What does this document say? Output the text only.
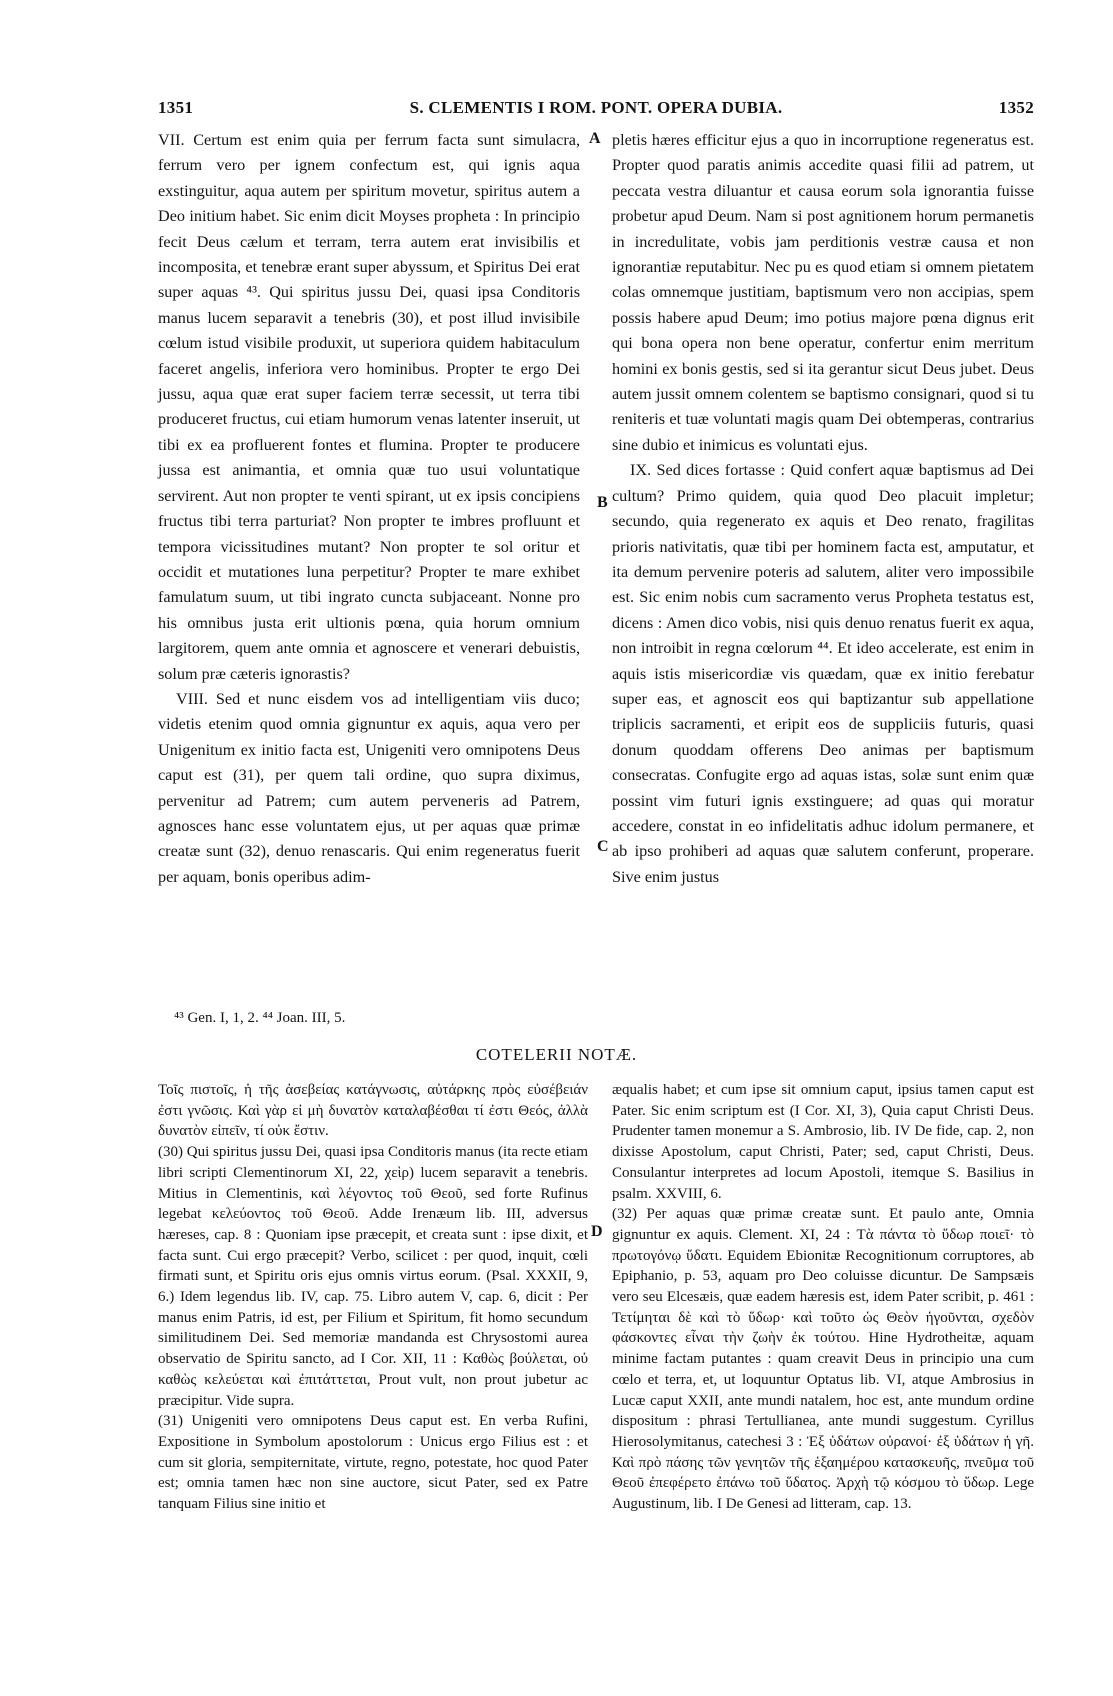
1351	S. CLEMENTIS I ROM. PONT. OPERA DUBIA.	1352

VII. Certum est enim quia per ferrum facta sunt simulacra, ferrum vero per ignem confectum est, qui ignis aqua exstinguitur, aqua autem per spiritum movetur, spiritus autem a Deo initium habet. Sic enim dicit Moyses propheta : In principio fecit Deus cælum et terram, terra autem erat invisibilis et incomposita, et tenebræ erant super abyssum, et Spiritus Dei erat super aquas ⁴³. Qui spiritus jussu Dei, quasi ipsa Conditoris manus lucem separavit a tenebris (30), et post illud invisibile cœlum istud visibile produxit, ut superiora quidem habitaculum faceret angelis, inferiora vero hominibus. Propter te ergo Dei jussu, aqua quæ erat super faciem terræ secessit, ut terra tibi produceret fructus, cui etiam humorum venas latenter inseruit, ut tibi ex ea profluerent fontes et flumina. Propter te producere jussa est animantia, et omnia quæ tuo usui voluntatique servirent. Aut non propter te venti spirant, ut ex ipsis concipiens fructus tibi terra parturiat? Non propter te imbres profluunt et tempora vicissitudines mutant? Non propter te sol oritur et occidit et mutationes luna perpetitur? Propter te mare exhibet famulatum suum, ut tibi ingrato cuncta subjaceant. Nonne pro his omnibus justa erit ultionis pœna, quia horum omnium largitorem, quem ante omnia et agnoscere et venerari debuistis, solum præ cæteris ignorastis?

VIII. Sed et nunc eisdem vos ad intelligentiam viis duco; videtis etenim quod omnia gignuntur ex aquis, aqua vero per Unigenitum ex initio facta est, Unigeniti vero omnipotens Deus caput est (31), per quem tali ordine, quo supra diximus, pervenitur ad Patrem; cum autem perveneris ad Patrem, agnosces hanc esse voluntatem ejus, ut per aquas quæ primæ creatæ sunt (32), denuo renascaris. Qui enim regeneratus fuerit per aquam, bonis operibus adim-

pletis hæres efficitur ejus a quo in incorruptione regeneratus est. Propter quod paratis animis accedite quasi filii ad patrem, ut peccata vestra diluantur et causa eorum sola ignorantia fuisse probetur apud Deum. Nam si post agnitionem horum permanetis in incredulitate, vobis jam perditionis vestræ causa et non ignorantiæ reputabitur. Nec pu es quod etiam si omnem pietatem colas omnemque justitiam, baptismum vero non accipias, spem possis habere apud Deum; imo potius majore pœna dignus erit qui bona opera non bene operatur, confertur enim merritum homini ex bonis gestis, sed si ita gerantur sicut Deus jubet. Deus autem jussit omnem colentem se baptismo consignari, quod si tu reniteris et tuæ voluntati magis quam Dei obtemperas, contrarius sine dubio et inimicus es voluntati ejus.

IX. Sed dices fortasse : Quid confert aquæ baptismus ad Dei cultum? Primo quidem, quia quod Deo placuit impletur; secundo, quia regenerato ex aquis et Deo renato, fragilitas prioris nativitatis, quæ tibi per hominem facta est, amputatur, et ita demum pervenire poteris ad salutem, aliter vero impossibile est. Sic enim nobis cum sacramento verus Propheta testatus est, dicens : Amen dico vobis, nisi quis denuo renatus fuerit ex aqua, non introibit in regna cœlorum ⁴⁴. Et ideo accelerate, est enim in aquis istis misericordiæ vis quædam, quæ ex initio ferebatur super eas, et agnoscit eos qui baptizantur sub appellatione triplicis sacramenti, et eripit eos de suppliciis futuris, quasi donum quoddam offerens Deo animas per baptismum consecratas. Confugite ergo ad aquas istas, solæ sunt enim quæ possint vim futuri ignis exstinguere; ad quas qui moratur accedere, constat in eo infidelitatis adhuc idolum permanere, et ab ipso prohiberi ad aquas quæ salutem conferunt, properare. Sive enim justus

A
B
C
D
⁴³ Gen. I, 1, 2. ⁴⁴ Joan. III, 5.
COTELERII NOTÆ.

Τοῖς πιστοῖς, ἡ τῆς ἀσεβείας κατάγνωσις, αὐτάρκης πρὸς εὐσέβειάν ἐστι γνῶσις. Καὶ γὰρ εἰ μὴ δυνατὸν καταλαβέσθαι τί ἐστι Θεός, ἀλλὰ δυνατὸν εἰπεῖν, τί οὐκ ἔστιν.

(30) Qui spiritus jussu Dei, quasi ipsa Conditoris manus (ita recte etiam libri scripti Clementinorum XI, 22, χεὶρ) lucem separavit a tenebris. Mitius in Clementinis, καὶ λέγοντος τοῦ Θεοῦ, sed forte Rufinus legebat κελεύοντος τοῦ Θεοῦ. Adde Irenæum lib. III, adversus hæreses, cap. 8 : Quoniam ipse præcepit, et creata sunt : ipse dixit, et facta sunt. Cui ergo præcepit? Verbo, scilicet : per quod, inquit, cœli firmati sunt, et Spiritu oris ejus omnis virtus eorum. (Psal. XXXII, 9, 6.) Idem legendus lib. IV, cap. 75. Libro autem V, cap. 6, dicit : Per manus enim Patris, id est, per Filium et Spiritum, fit homo secundum similitudinem Dei. Sed memoriæ mandanda est Chrysostomi aurea observatio de Spiritu sancto, ad I Cor. XII, 11 : Καθὼς βούλεται, οὐ καθὼς κελεύεται καὶ ἐπιτάττεται, Prout vult, non prout jubetur ac præcipitur. Vide supra.

(31) Unigeniti vero omnipotens Deus caput est. En verba Rufini, Expositione in Symbolum apostolorum : Unicus ergo Filius est : et cum sit gloria, sempiternitate, virtute, regno, potestate, hoc quod Pater est; omnia tamen hæc non sine auctore, sicut Pater, sed ex Patre tanquam Filius sine initio et

æqualis habet; et cum ipse sit omnium caput, ipsius tamen caput est Pater. Sic enim scriptum est (I Cor. XI, 3), Quia caput Christi Deus. Prudenter tamen monemur a S. Ambrosio, lib. IV De fide, cap. 2, non dixisse Apostolum, caput Christi, Pater; sed, caput Christi, Deus. Consulantur interpretes ad locum Apostoli, itemque S. Basilius in psalm. XXVIII, 6.

(32) Per aquas quæ primæ creatæ sunt. Et paulo ante, Omnia gignuntur ex aquis. Clement. XI, 24 : Τὰ πάντα τὸ ὕδωρ ποιεῖ· τὸ πρωτογόνῳ ὕδατι. Equidem Ebionitæ Recognitionum corruptores, ab Epiphanio, p. 53, aquam pro Deo coluisse dicuntur. De Sampsæis vero seu Elcesæis, quæ eadem hæresis est, idem Pater scribit, p. 461 : Τετίμηται δὲ καὶ τὸ ὕδωρ· καὶ τοῦτο ὡς Θεὸν ἡγοῦνται, σχεδὸν φάσκοντες εἶναι τὴν ζωὴν ἐκ τούτου. Hine Hydrotheitæ, aquam minime factam putantes : quam creavit Deus in principio una cum cœlo et terra, et, ut loquuntur Optatus lib. VI, atque Ambrosius in Lucæ caput XXII, ante mundi natalem, hoc est, ante mundum ordine dispositum : phrasi Tertullianea, ante mundi suggestum. Cyrillus Hierosolymitanus, catechesi 3 : Ἐξ ὑδάτων οὐρανοί· ἐξ ὑδάτων ἡ γῆ. Καὶ πρὸ πάσης τῶν γενητῶν τῆς ἑξαημέρου κατασκευῆς, πνεῦμα τοῦ Θεοῦ ἐπεφέρετο ἐπάνω τοῦ ὕδατος. Ἀρχὴ τῷ κόσμου τὸ ὕδωρ. Lege Augustinum, lib. I De Genesi ad litteram, cap. 13.
